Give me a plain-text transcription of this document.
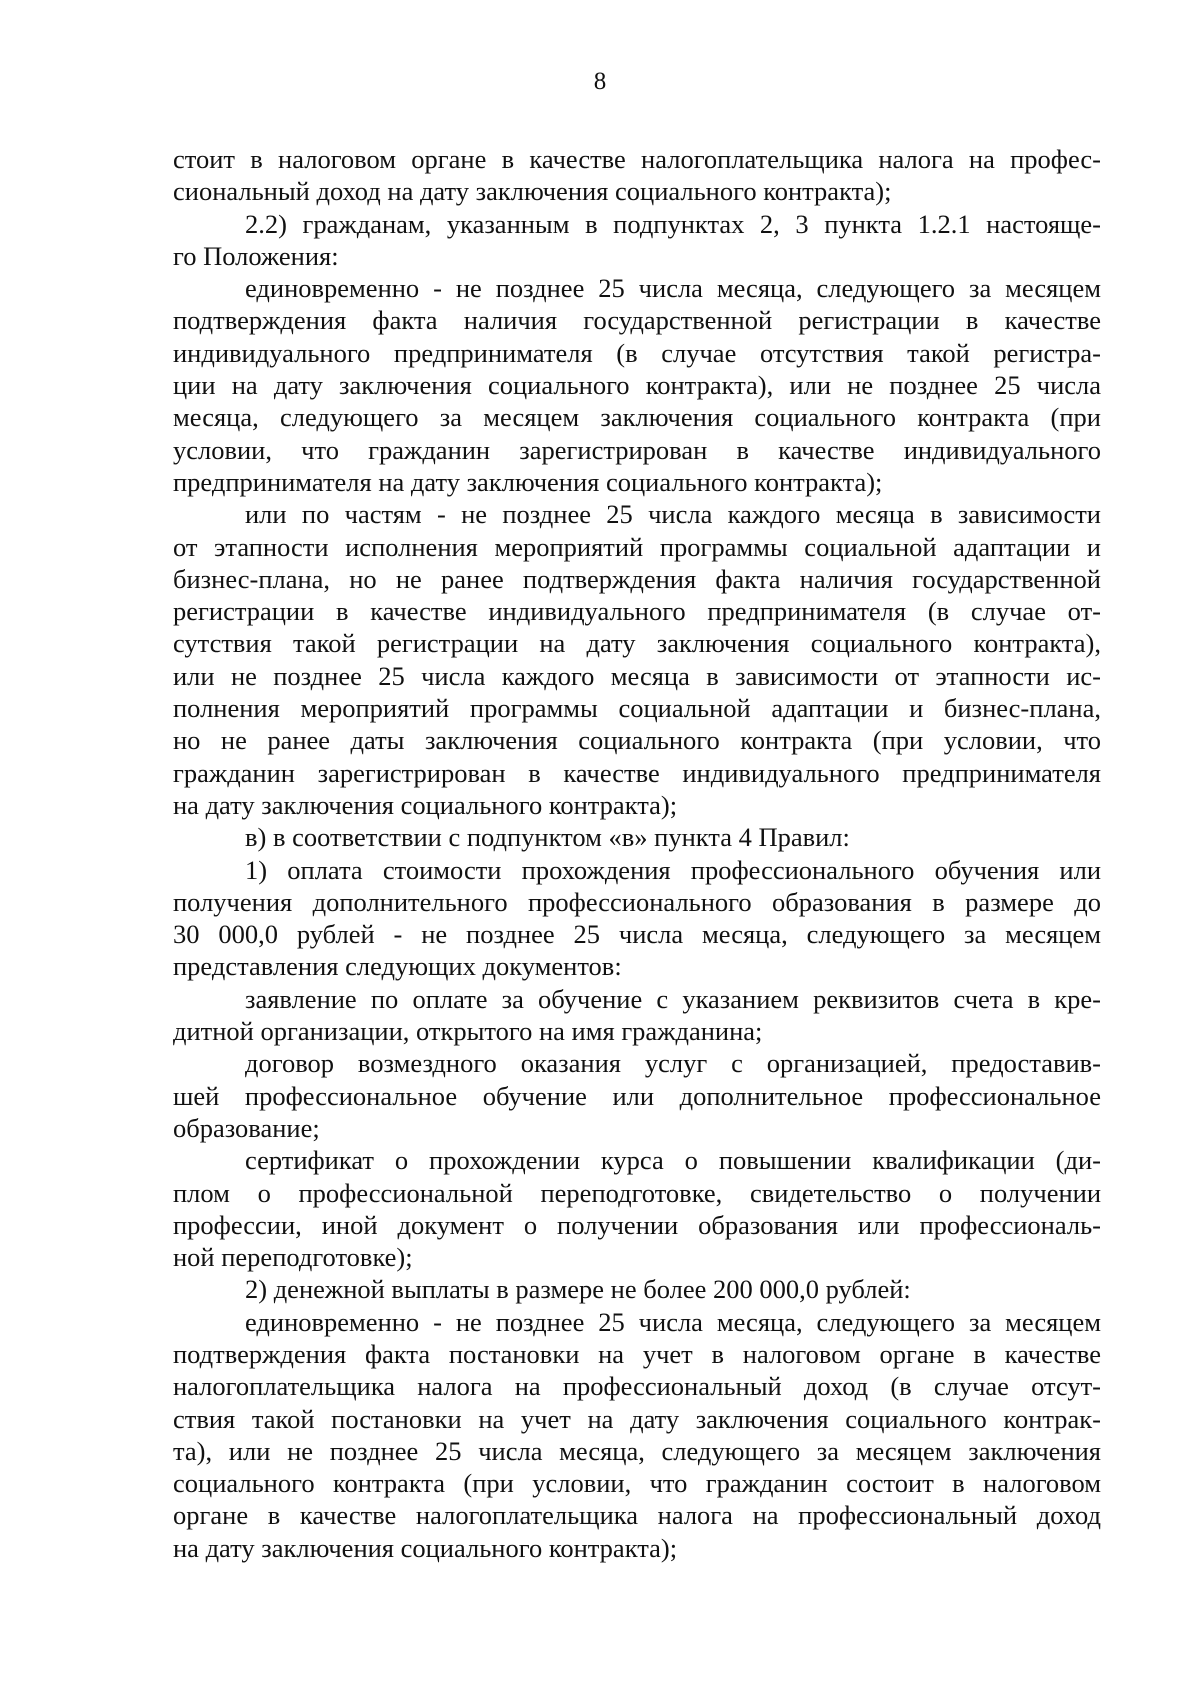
8
стоит в налоговом органе в качестве налогоплательщика налога на профес-
сиональный доход на дату заключения социального контракта);
2.2) гражданам, указанным в подпунктах 2, 3 пункта 1.2.1 настояще-
го Положения:
единовременно - не позднее 25 числа месяца, следующего за месяцем
подтверждения факта наличия государственной регистрации в качестве
индивидуального предпринимателя (в случае отсутствия такой регистра-
ции на дату заключения социального контракта), или не позднее 25 числа
месяца, следующего за месяцем заключения социального контракта (при
условии, что гражданин зарегистрирован в качестве индивидуального
предпринимателя на дату заключения социального контракта);
или по частям - не позднее 25 числа каждого месяца в зависимости
от этапности исполнения мероприятий программы социальной адаптации и
бизнес-плана, но не ранее подтверждения факта наличия государственной
регистрации в качестве индивидуального предпринимателя (в случае от-
сутствия такой регистрации на дату заключения социального контракта),
или не позднее 25 числа каждого месяца в зависимости от этапности ис-
полнения мероприятий программы социальной адаптации и бизнес-плана,
но не ранее даты заключения социального контракта (при условии, что
гражданин зарегистрирован в качестве индивидуального предпринимателя
на дату заключения социального контракта);
в) в соответствии с подпунктом «в» пункта 4 Правил:
1) оплата стоимости прохождения профессионального обучения или
получения дополнительного профессионального образования в размере до
30 000,0 рублей - не позднее 25 числа месяца, следующего за месяцем
представления следующих документов:
заявление по оплате за обучение с указанием реквизитов счета в кре-
дитной организации, открытого на имя гражданина;
договор возмездного оказания услуг с организацией, предоставив-
шей профессиональное обучение или дополнительное профессиональное
образование;
сертификат о прохождении курса о повышении квалификации (ди-
плом о профессиональной переподготовке, свидетельство о получении
профессии, иной документ о получении образования или профессиональ-
ной переподготовке);
2) денежной выплаты в размере не более 200 000,0 рублей:
единовременно - не позднее 25 числа месяца, следующего за месяцем
подтверждения факта постановки на учет в налоговом органе в качестве
налогоплательщика налога на профессиональный доход (в случае отсут-
ствия такой постановки на учет на дату заключения социального контрак-
та), или не позднее 25 числа месяца, следующего за месяцем заключения
социального контракта (при условии, что гражданин состоит в налоговом
органе в качестве налогоплательщика налога на профессиональный доход
на дату заключения социального контракта);
